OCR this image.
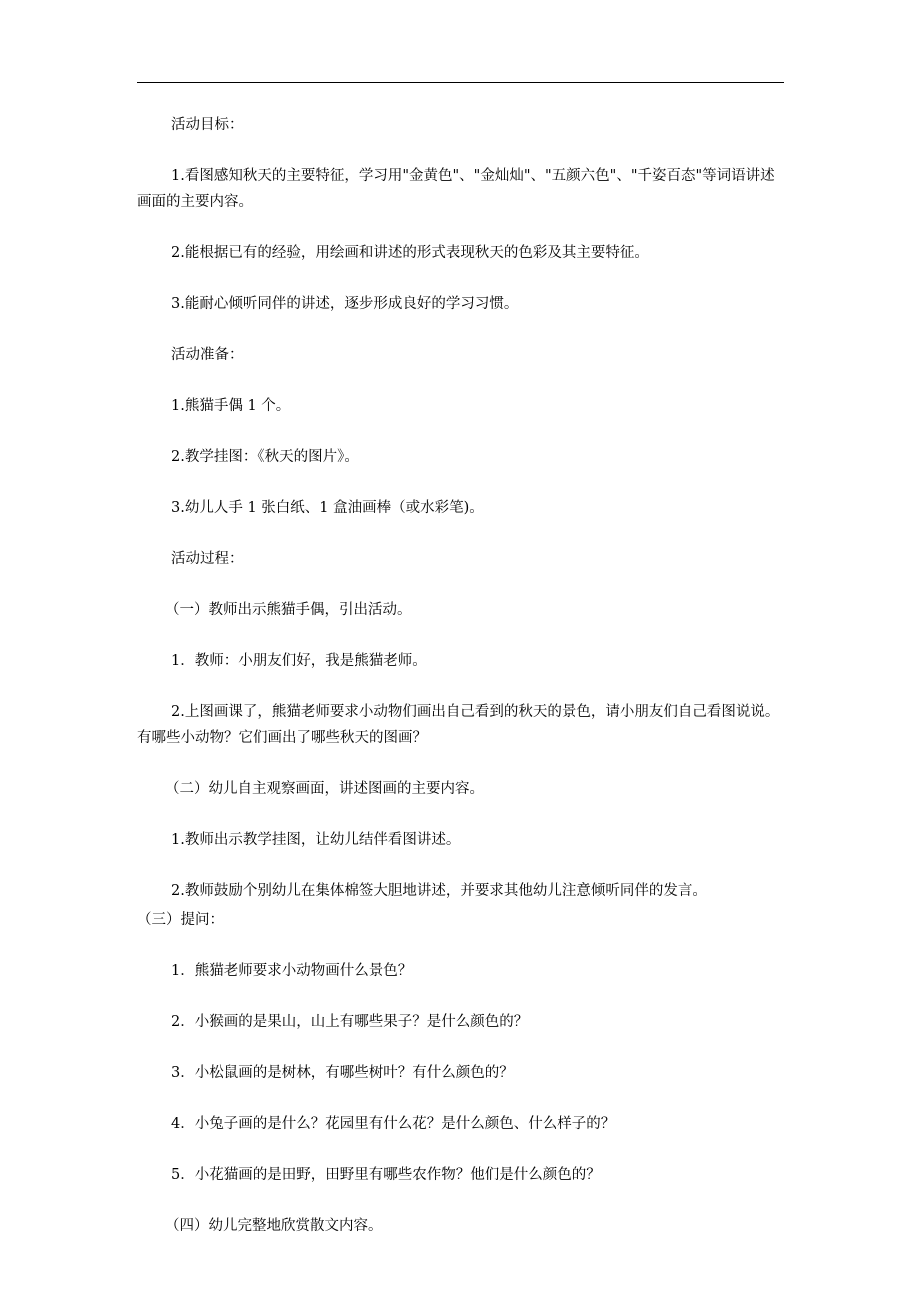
活动目标：

1.看图感知秋天的主要特征，学习用"金黄色"、"金灿灿"、"五颜六色"、"千姿百态"等词语讲述画面的主要内容。

2.能根据已有的经验，用绘画和讲述的形式表现秋天的色彩及其主要特征。

3.能耐心倾听同伴的讲述，逐步形成良好的学习习惯。

活动准备：

1.熊猫手偶 1 个。

2.教学挂图：《秋天的图片》。

3.幼儿人手 1 张白纸、1 盒油画棒（或水彩笔)。

活动过程：

（一）教师出示熊猫手偶，引出活动。

1．教师：小朋友们好，我是熊猫老师。

2.上图画课了，熊猫老师要求小动物们画出自己看到的秋天的景色，请小朋友们自己看图说说。有哪些小动物？它们画出了哪些秋天的图画？

（二）幼儿自主观察画面，讲述图画的主要内容。

1.教师出示教学挂图，让幼儿结伴看图讲述。

2.教师鼓励个别幼儿在集体棉签大胆地讲述，并要求其他幼儿注意倾听同伴的发言。

（三）提问：

1．熊猫老师要求小动物画什么景色？

2．小猴画的是果山，山上有哪些果子？是什么颜色的？

3．小松鼠画的是树林，有哪些树叶？有什么颜色的？

4．小兔子画的是什么？花园里有什么花？是什么颜色、什么样子的？

5．小花猫画的是田野，田野里有哪些农作物？他们是什么颜色的？

（四）幼儿完整地欣赏散文内容。
